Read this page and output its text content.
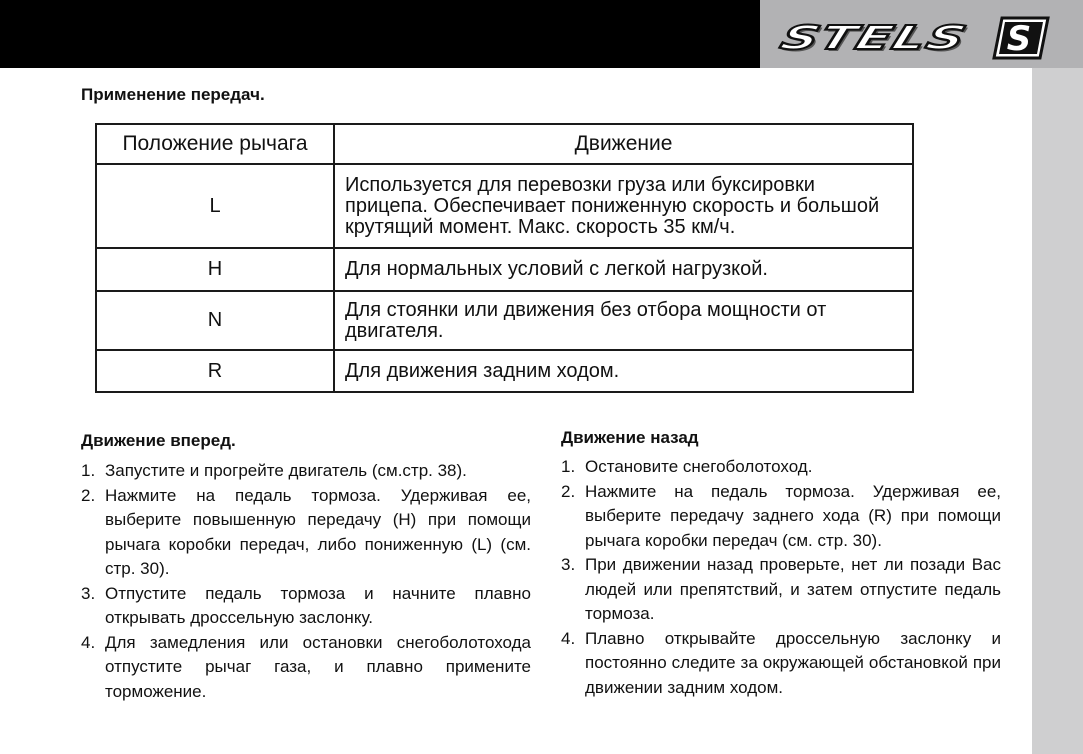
STELS	S
Применение передач.
Положение рычага	Движение
L	Используется для перевозки груза или буксировки прицепа. Обеспечивает пониженную скорость и большой крутящий момент. Макс. скорость 35 км/ч.
H	Для нормальных условий с легкой нагрузкой.
N	Для стоянки или движения без отбора мощности от двигателя.
R	Для движения задним ходом.
Движение вперед.
1. Запустите и прогрейте двигатель (см.стр. 38).
2. Нажмите на педаль тормоза. Удерживая ее, выберите повышенную передачу (H) при помощи рычага коробки передач, либо пониженную (L) (см. стр. 30).
3. Отпустите педаль тормоза и начните плавно открывать дроссельную заслонку.
4. Для замедления или остановки снегоболотохода отпустите рычаг газа, и плавно примените торможение.
Движение назад
1. Остановите снегоболотоход.
2. Нажмите на педаль тормоза. Удерживая ее, выберите передачу заднего хода (R) при помощи рычага коробки передач (см. стр. 30).
3. При движении назад проверьте, нет ли позади Вас людей или препятствий, и затем отпустите педаль тормоза.
4. Плавно открывайте дроссельную заслонку и постоянно следите за окружающей обстановкой при движении задним ходом.
